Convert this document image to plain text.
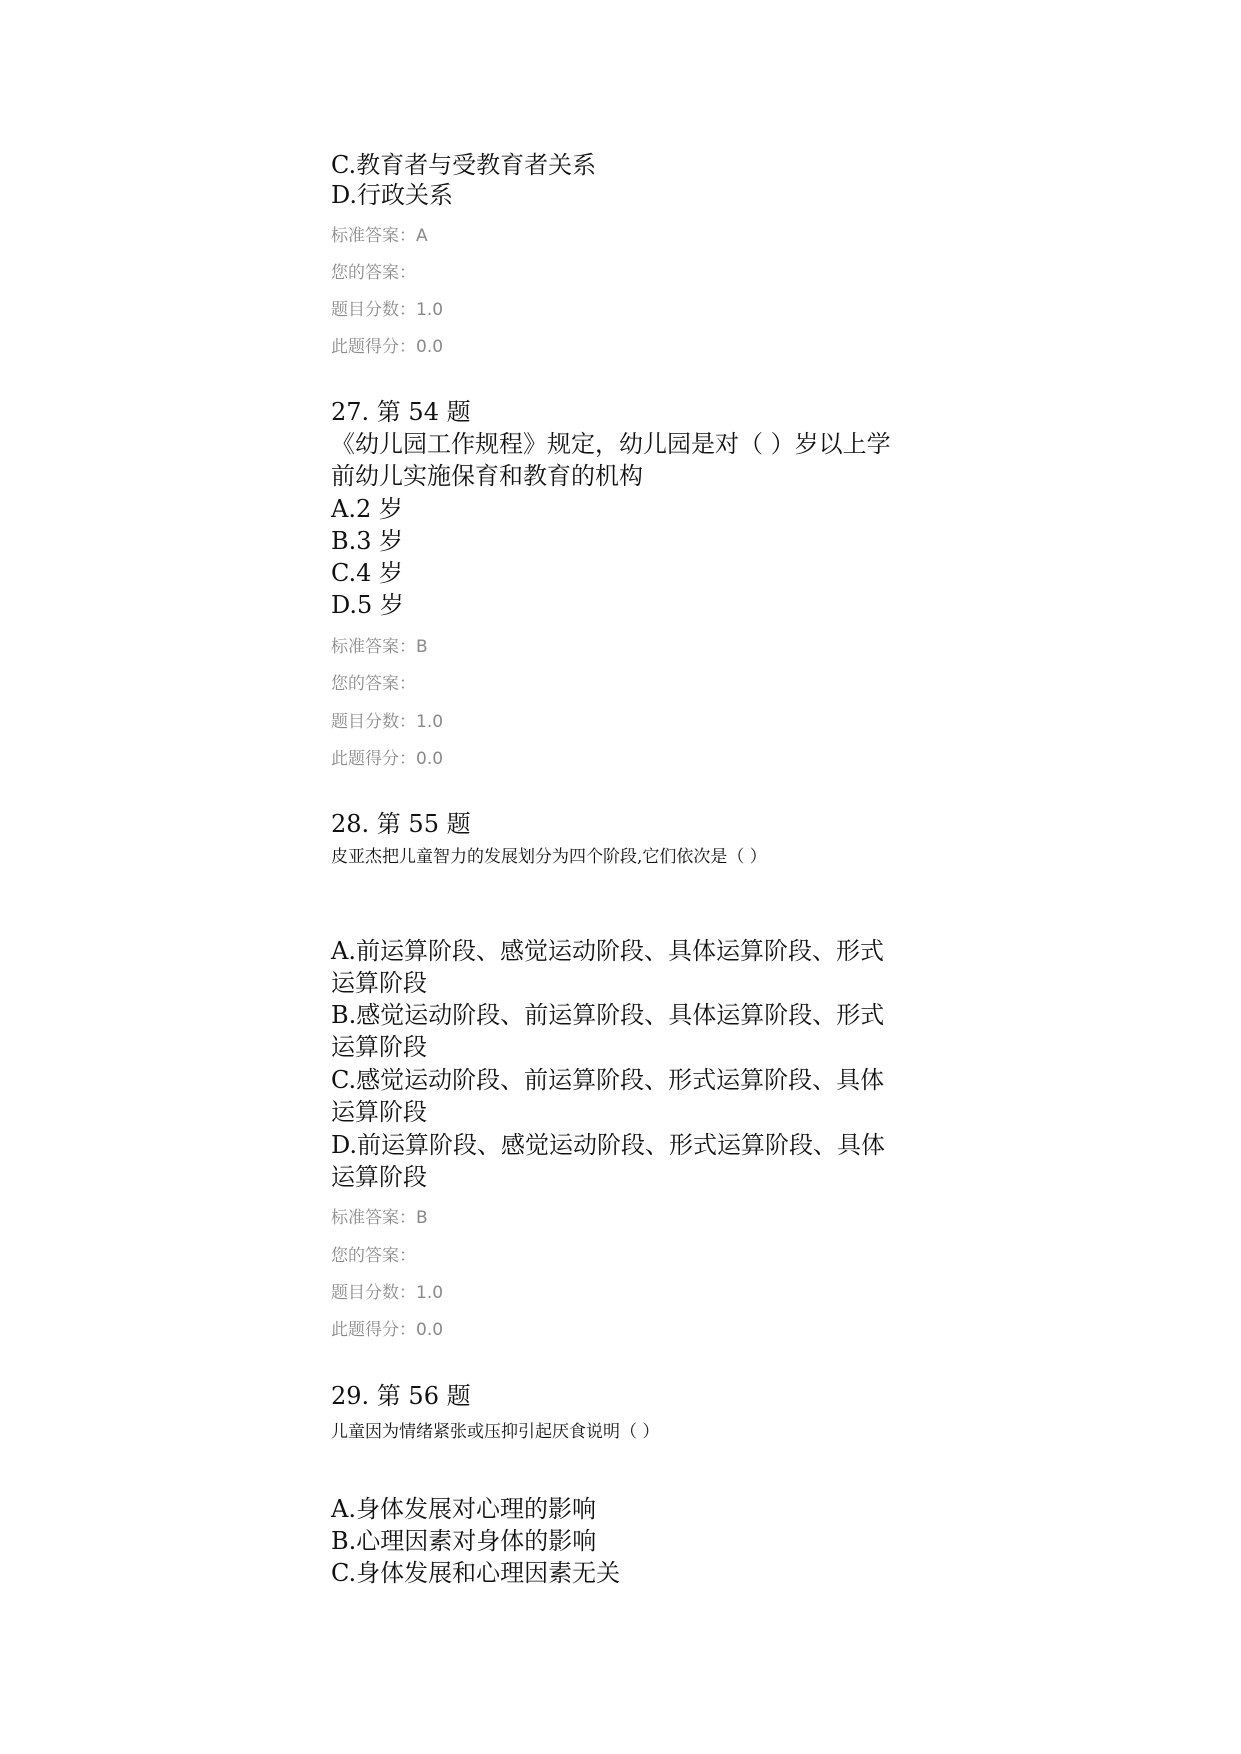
C.教育者与受教育者关系
D.行政关系
标准答案：A
您的答案：
题目分数：1.0
此题得分：0.0
27. 第 54 题
《幼儿园工作规程》规定，幼儿园是对（ ）岁以上学
前幼儿实施保育和教育的机构
A.2 岁
B.3 岁
C.4 岁
D.5 岁
标准答案：B
您的答案：
题目分数：1.0
此题得分：0.0
28. 第 55 题
皮亚杰把儿童智力的发展划分为四个阶段,它们依次是（ ）
A.前运算阶段、感觉运动阶段、具体运算阶段、形式
运算阶段
B.感觉运动阶段、前运算阶段、具体运算阶段、形式
运算阶段
C.感觉运动阶段、前运算阶段、形式运算阶段、具体
运算阶段
D.前运算阶段、感觉运动阶段、形式运算阶段、具体
运算阶段
标准答案：B
您的答案：
题目分数：1.0
此题得分：0.0
29. 第 56 题
儿童因为情绪紧张或压抑引起厌食说明（ ）
A.身体发展对心理的影响
B.心理因素对身体的影响
C.身体发展和心理因素无关
